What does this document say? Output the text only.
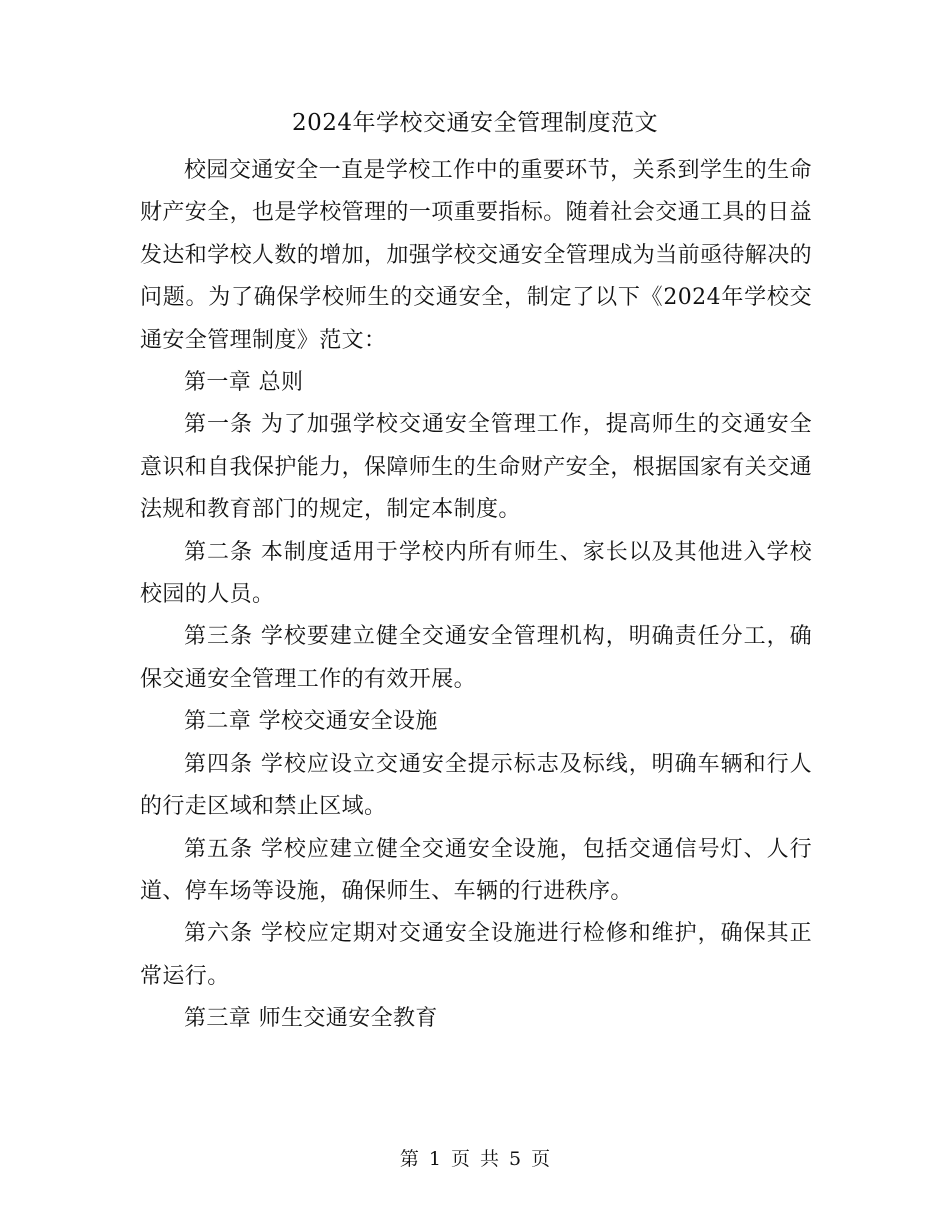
2024年学校交通安全管理制度范文

校园交通安全一直是学校工作中的重要环节，关系到学生的生命财产安全，也是学校管理的一项重要指标。随着社会交通工具的日益发达和学校人数的增加，加强学校交通安全管理成为当前亟待解决的问题。为了确保学校师生的交通安全，制定了以下《2024年学校交通安全管理制度》范文：

第一章 总则

第一条 为了加强学校交通安全管理工作，提高师生的交通安全意识和自我保护能力，保障师生的生命财产安全，根据国家有关交通法规和教育部门的规定，制定本制度。

第二条 本制度适用于学校内所有师生、家长以及其他进入学校校园的人员。

第三条 学校要建立健全交通安全管理机构，明确责任分工，确保交通安全管理工作的有效开展。

第二章 学校交通安全设施

第四条 学校应设立交通安全提示标志及标线，明确车辆和行人的行走区域和禁止区域。

第五条 学校应建立健全交通安全设施，包括交通信号灯、人行道、停车场等设施，确保师生、车辆的行进秩序。

第六条 学校应定期对交通安全设施进行检修和维护，确保其正常运行。

第三章 师生交通安全教育

第 1 页 共 5 页
